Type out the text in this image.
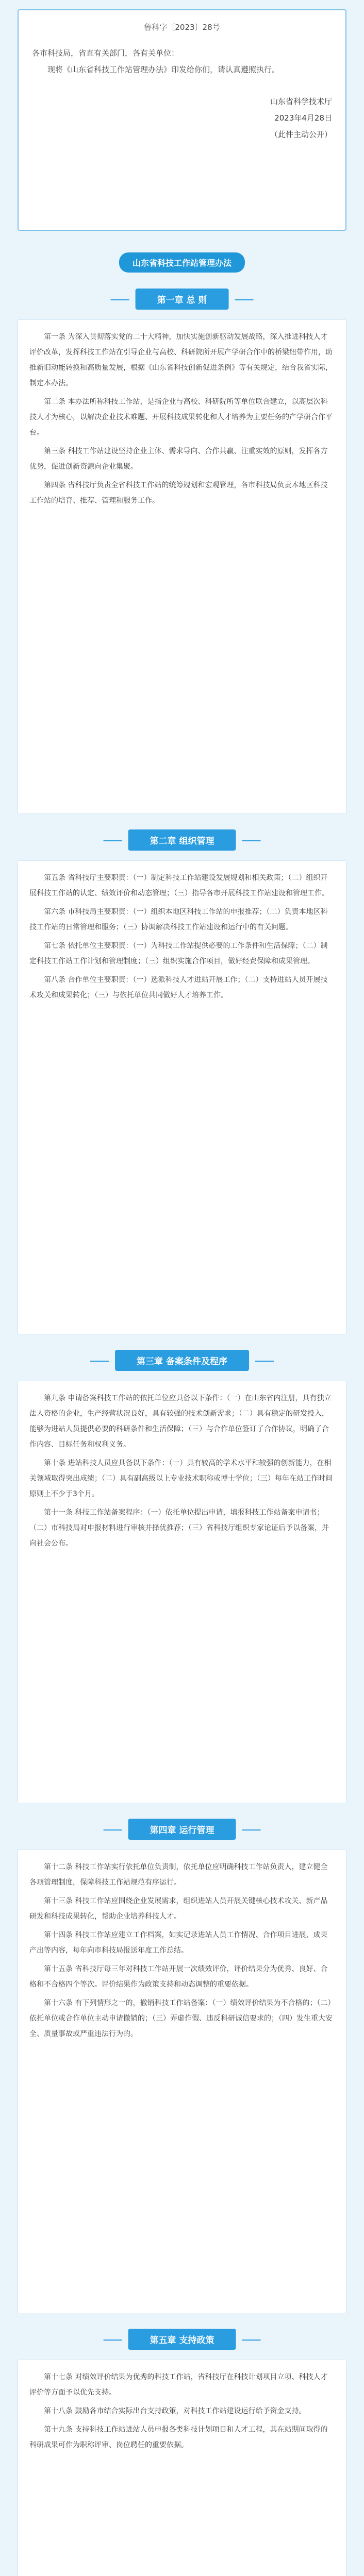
鲁科字〔2023〕28号

各市科技局，省直有关部门，各有关单位：

现将《山东省科技工作站管理办法》印发给你们，请认真遵照执行。

山东省科学技术厅
2023年4月28日
（此件主动公开）
山东省科技工作站管理办法
第一章 总 则

第一条 为深入贯彻落实党的二十大精神，加快实施创新驱动发展战略，深入推进科技人才评价改革，发挥科技工作站在引导企业与高校、科研院所开展产学研合作中的桥梁纽带作用，助推新旧动能转换和高质量发展，根据《山东省科技创新促进条例》等有关规定，结合我省实际，制定本办法。

第二条 本办法所称科技工作站，是指企业与高校、科研院所等单位联合建立，以高层次科技人才为核心，以解决企业技术难题、开展科技成果转化和人才培养为主要任务的产学研合作平台。

第三条 科技工作站建设坚持企业主体、需求导向、合作共赢、注重实效的原则，发挥各方优势，促进创新资源向企业集聚。

第四条 省科技厅负责全省科技工作站的统筹规划和宏观管理，各市科技局负责本地区科技工作站的培育、推荐、管理和服务工作。

第二章 组织管理

第五条 省科技厅主要职责：（一）制定科技工作站建设发展规划和相关政策；（二）组织开展科技工作站的认定、绩效评价和动态管理；（三）指导各市开展科技工作站建设和管理工作。

第六条 市科技局主要职责：（一）组织本地区科技工作站的申报推荐；（二）负责本地区科技工作站的日常管理和服务；（三）协调解决科技工作站建设和运行中的有关问题。

第七条 依托单位主要职责：（一）为科技工作站提供必要的工作条件和生活保障；（二）制定科技工作站工作计划和管理制度；（三）组织实施合作项目，做好经费保障和成果管理。

第八条 合作单位主要职责：（一）选派科技人才进站开展工作；（二）支持进站人员开展技术攻关和成果转化；（三）与依托单位共同做好人才培养工作。

第三章 备案条件及程序

第九条 申请备案科技工作站的依托单位应具备以下条件：（一）在山东省内注册，具有独立法人资格的企业，生产经营状况良好，具有较强的技术创新需求；（二）具有稳定的研发投入，能够为进站人员提供必要的科研条件和生活保障；（三）与合作单位签订了合作协议，明确了合作内容、目标任务和权利义务。

第十条 进站科技人员应具备以下条件：（一）具有较高的学术水平和较强的创新能力，在相关领域取得突出成绩；（二）具有副高级以上专业技术职称或博士学位；（三）每年在站工作时间原则上不少于3个月。

第十一条 科技工作站备案程序：（一）依托单位提出申请，填报科技工作站备案申请书；（二）市科技局对申报材料进行审核并择优推荐；（三）省科技厅组织专家论证后予以备案，并向社会公布。

第四章 运行管理

第十二条 科技工作站实行依托单位负责制，依托单位应明确科技工作站负责人，建立健全各项管理制度，保障科技工作站规范有序运行。

第十三条 科技工作站应围绕企业发展需求，组织进站人员开展关键核心技术攻关、新产品研发和科技成果转化，帮助企业培养科技人才。

第十四条 科技工作站应建立工作档案，如实记录进站人员工作情况、合作项目进展、成果产出等内容，每年向市科技局报送年度工作总结。

第十五条 省科技厅每三年对科技工作站开展一次绩效评价，评价结果分为优秀、良好、合格和不合格四个等次。评价结果作为政策支持和动态调整的重要依据。

第十六条 有下列情形之一的，撤销科技工作站备案：（一）绩效评价结果为不合格的；（二）依托单位或合作单位主动申请撤销的；（三）弄虚作假、违反科研诚信要求的；（四）发生重大安全、质量事故或严重违法行为的。

第五章 支持政策

第十七条 对绩效评价结果为优秀的科技工作站，省科技厅在科技计划项目立项、科技人才评价等方面予以优先支持。

第十八条 鼓励各市结合实际出台支持政策，对科技工作站建设运行给予资金支持。

第十九条 支持科技工作站进站人员申报各类科技计划项目和人才工程，其在站期间取得的科研成果可作为职称评审、岗位聘任的重要依据。
